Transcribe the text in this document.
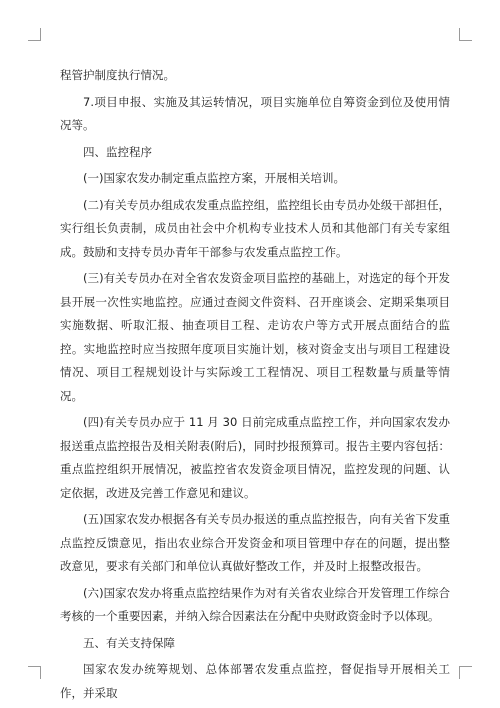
程管护制度执行情况。

7.项目申报、实施及其运转情况，项目实施单位自筹资金到位及使用情况等。

四、监控程序

(一)国家农发办制定重点监控方案，开展相关培训。

(二)有关专员办组成农发重点监控组，监控组长由专员办处级干部担任，实行组长负责制，成员由社会中介机构专业技术人员和其他部门有关专家组成。鼓励和支持专员办青年干部参与农发重点监控工作。

(三)有关专员办在对全省农发资金项目监控的基础上，对选定的每个开发县开展一次性实地监控。应通过查阅文件资料、召开座谈会、定期采集项目实施数据、听取汇报、抽查项目工程、走访农户等方式开展点面结合的监控。实地监控时应当按照年度项目实施计划，核对资金支出与项目工程建设情况、项目工程规划设计与实际竣工工程情况、项目工程数量与质量等情况。

(四)有关专员办应于 11 月 30 日前完成重点监控工作，并向国家农发办报送重点监控报告及相关附表(附后)，同时抄报预算司。报告主要内容包括：重点监控组织开展情况，被监控省农发资金项目情况，监控发现的问题、认定依据，改进及完善工作意见和建议。

(五)国家农发办根据各有关专员办报送的重点监控报告，向有关省下发重点监控反馈意见，指出农业综合开发资金和项目管理中存在的问题，提出整改意见，要求有关部门和单位认真做好整改工作，并及时上报整改报告。

(六)国家农发办将重点监控结果作为对有关省农业综合开发管理工作综合考核的一个重要因素，并纳入综合因素法在分配中央财政资金时予以体现。

五、有关支持保障

国家农发办统筹规划、总体部署农发重点监控，督促指导开展相关工作，并采取
